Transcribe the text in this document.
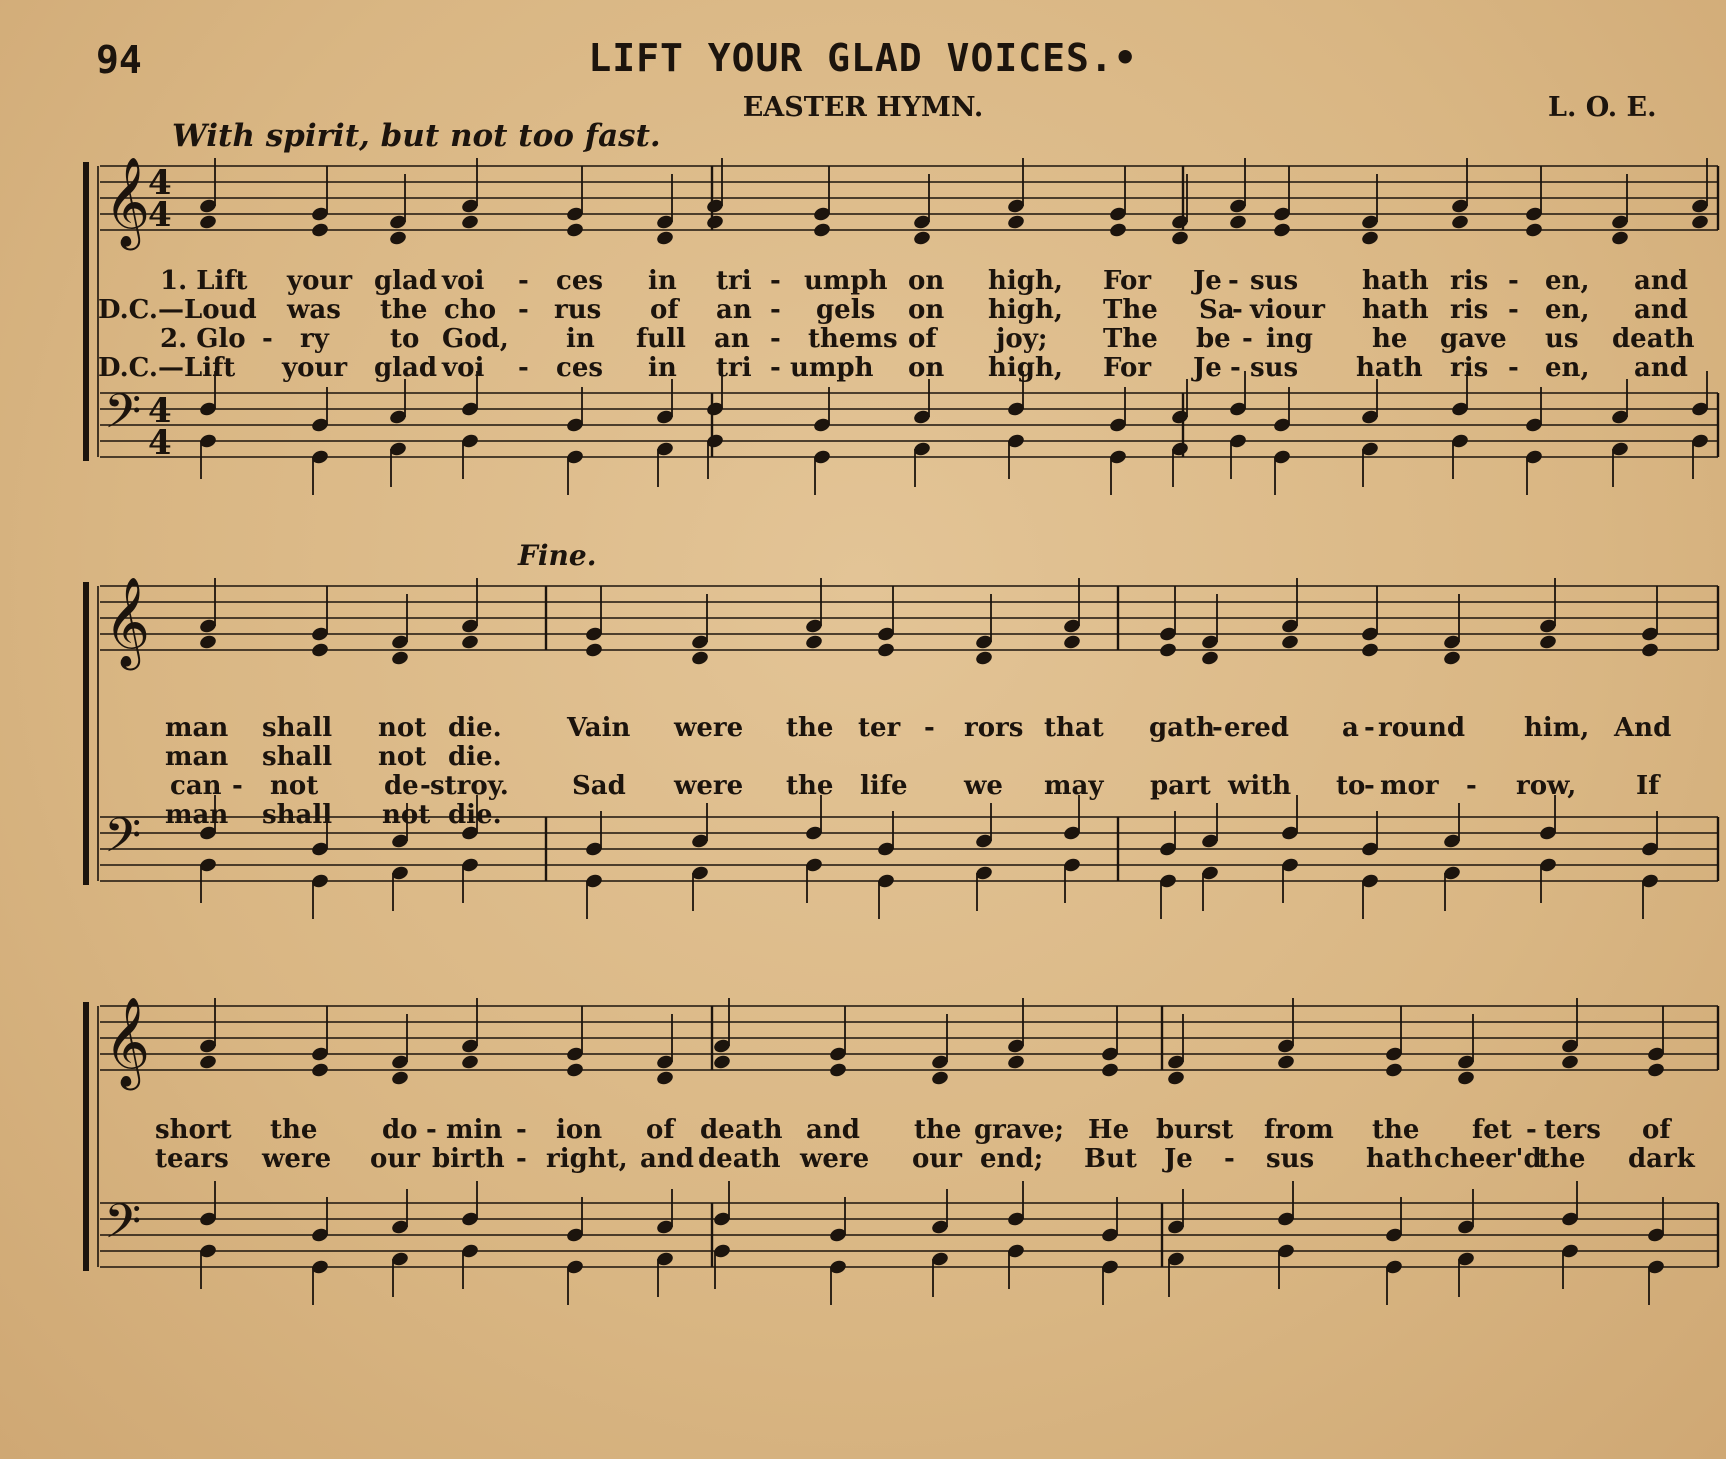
𝄞
𝄢
𝄞
𝄢
𝄞
𝄢
4
4
4
4
94	LIFT YOUR GLAD VOICES.•
EASTER HYMN.	L. O. E.
With spirit, but not too fast.
Fine.
1. Lift your glad voi - ces in tri - umph on high, For Je - sus hath ris - en, and
D.C.—Loud was the cho - rus of an - gels on high, The Sa
- viour hath ris - en, and
2. Glo - ry to God, in full an - thems of joy; The be - ing he gave us death
D.C.—Lift your glad voi - ces in tri - umph on high, For Je - sus hath ris - en, and
man shall not die.	Vain were the ter - rors that gath
- ered a - round him, And
man shall not die.
can - not	de - stroy. Sad were the life we may part with to
- mor - row, If
man shall not die.
short the do - min - ion of death and the grave; He burst from the fet - ters of
tears were our birth - right, and death were our end; But Je - sus hath cheer'd
the dark
